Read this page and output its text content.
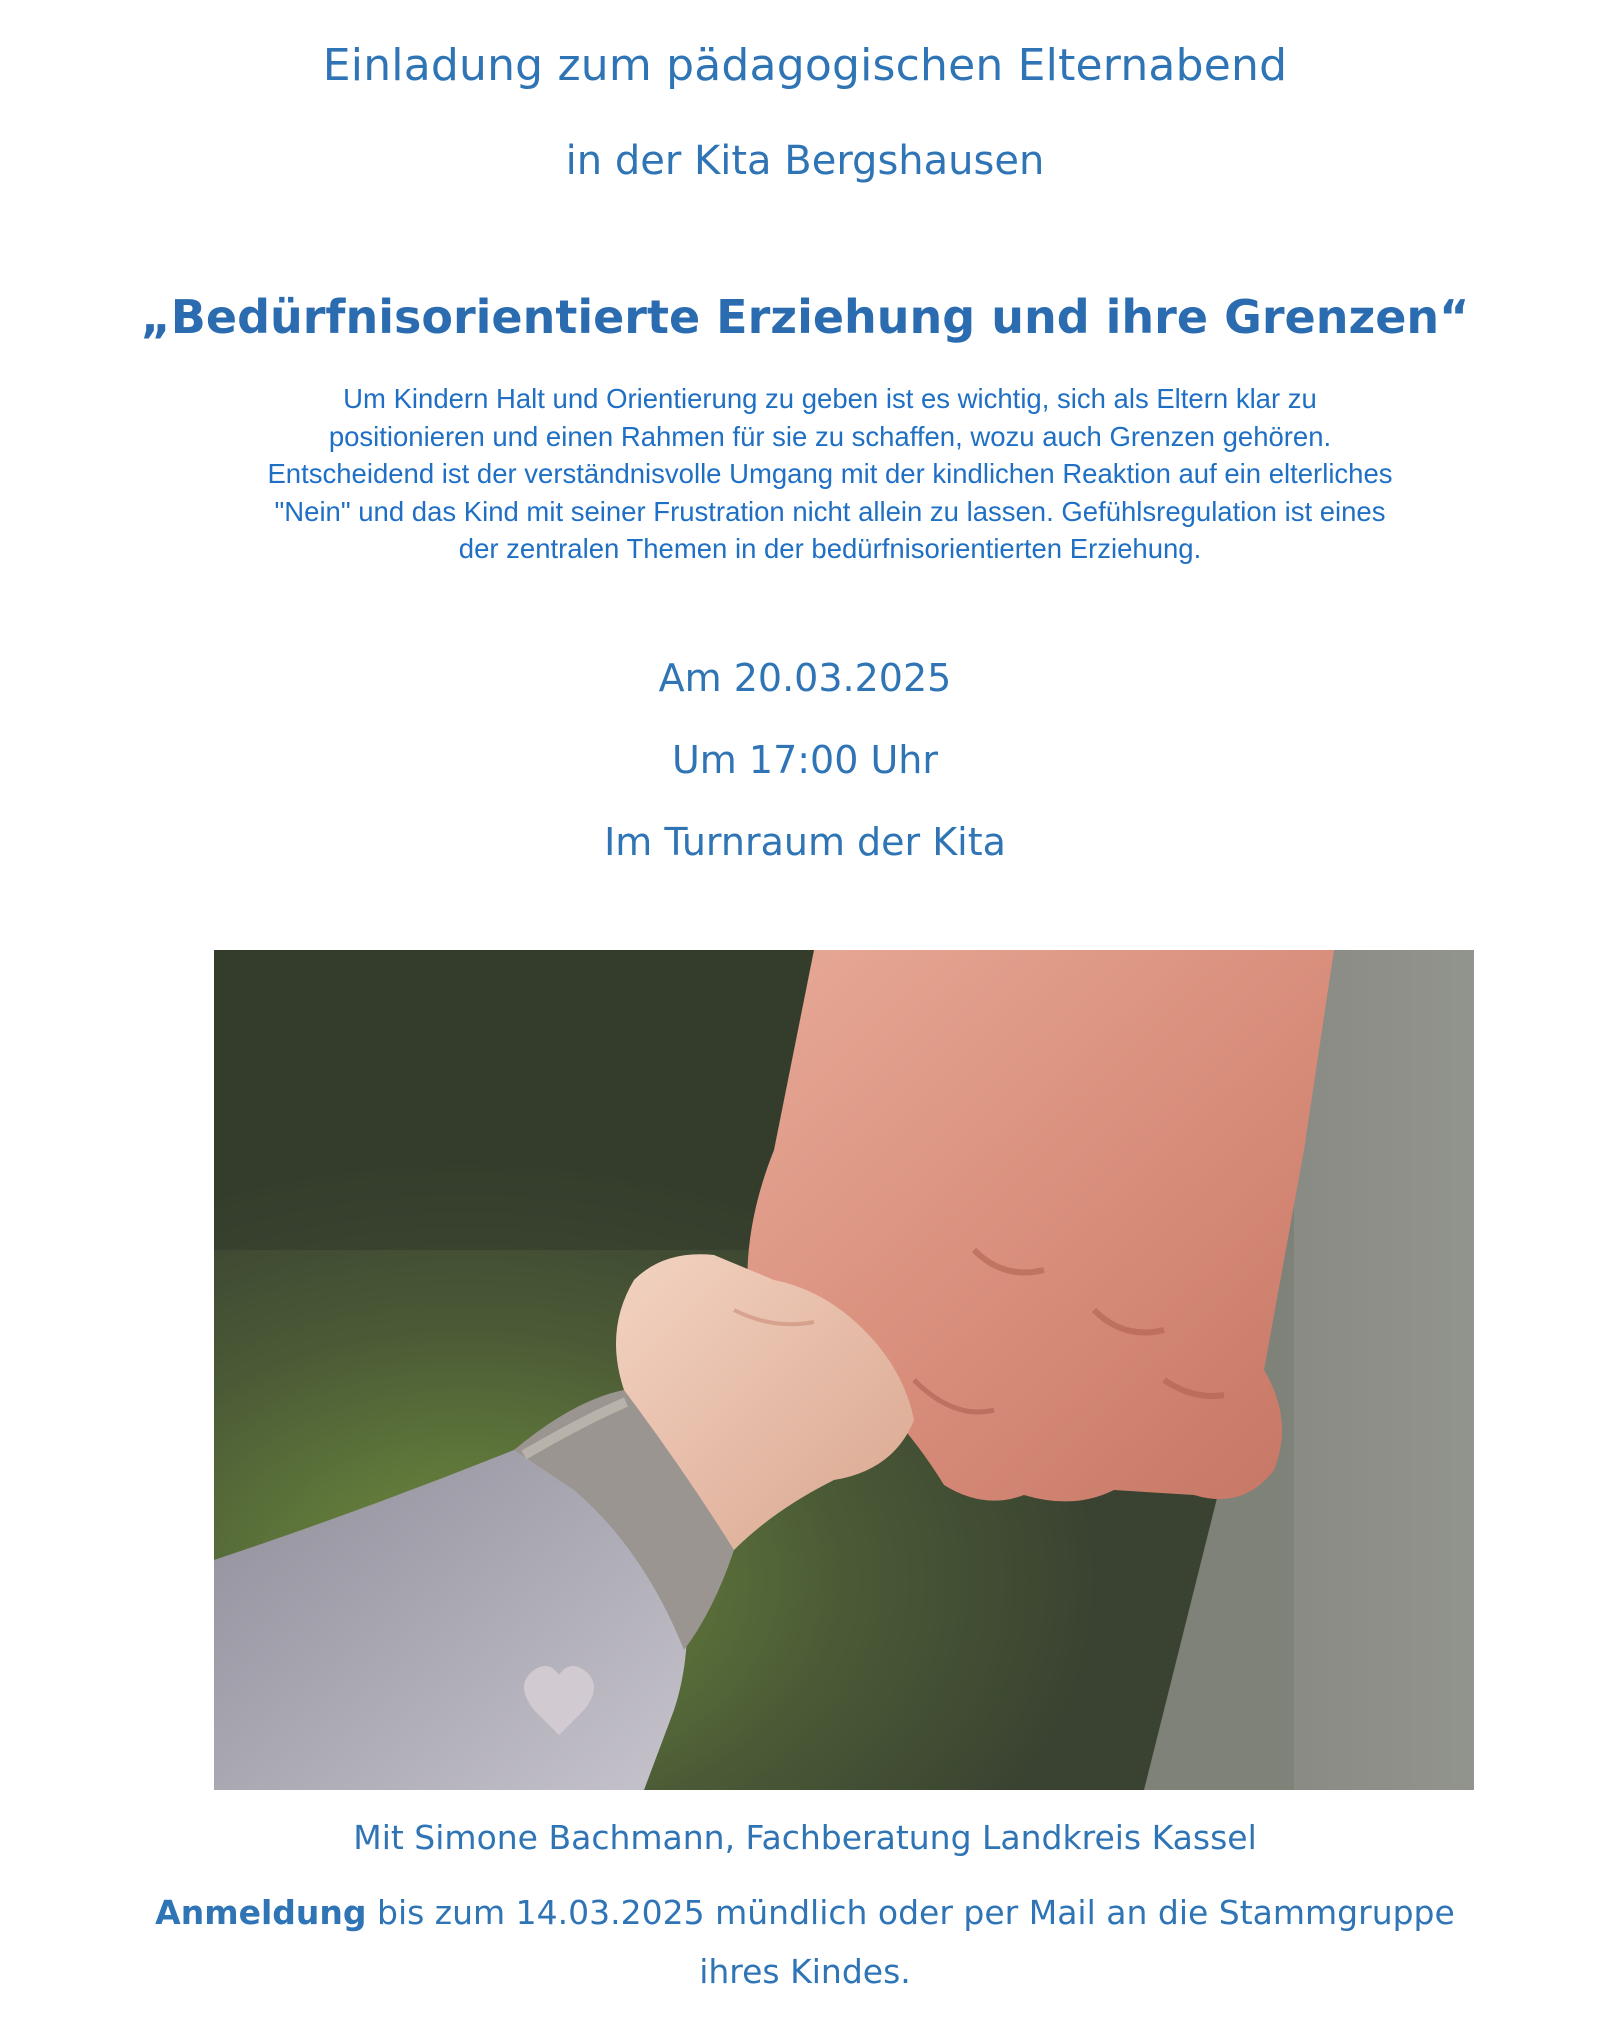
Einladung zum pädagogischen Elternabend
in der Kita Bergshausen
„Bedürfnisorientierte Erziehung und ihre Grenzen“
Um Kindern Halt und Orientierung zu geben ist es wichtig, sich als Eltern klar zu
positionieren und einen Rahmen für sie zu schaffen, wozu auch Grenzen gehören.
Entscheidend ist der verständnisvolle Umgang mit der kindlichen Reaktion auf ein elterliches
"Nein" und das Kind mit seiner Frustration nicht allein zu lassen. Gefühlsregulation ist eines
der zentralen Themen in der bedürfnisorientierten Erziehung.
Am 20.03.2025
Um 17:00 Uhr
Im Turnraum der Kita
Mit Simone Bachmann, Fachberatung Landkreis Kassel
Anmeldung bis zum 14.03.2025 mündlich oder per Mail an die Stammgruppe
ihres Kindes.
